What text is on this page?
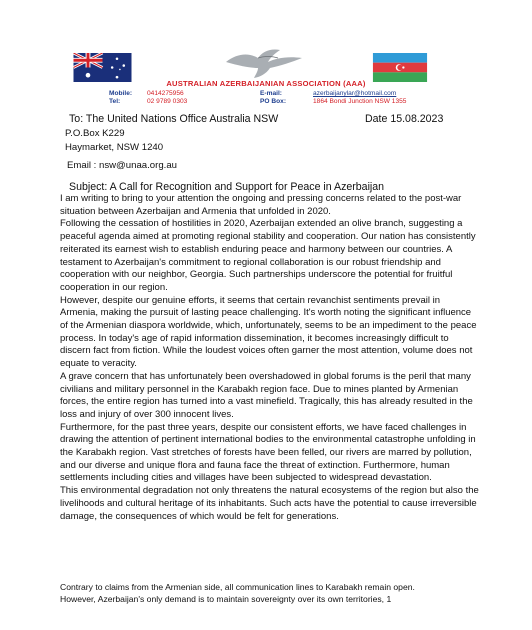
AUSTRALIAN AZERBAIJANIAN ASSOCIATION (AAA)
Mobile: 0414275956
Tel:	02 9789 0303
E-mail:	azerbaijanylar@hotmail.com
PO Box:	1864 Bondi Junction NSW 1355
To: The United Nations Office Australia NSW	Date 15.08.2023
P.O.Box K229
Haymarket, NSW 1240
Email : nsw@unaa.org.au
Subject: A Call for Recognition and Support for Peace in Azerbaijan
I am writing to bring to your attention the ongoing and pressing concerns related to the post-war situation between Azerbaijan and Armenia that unfolded in 2020.
Following the cessation of hostilities in 2020, Azerbaijan extended an olive branch, suggesting a peaceful agenda aimed at promoting regional stability and cooperation. Our nation has consistently reiterated its earnest wish to establish enduring peace and harmony between our countries. A testament to Azerbaijan's commitment to regional collaboration is our robust friendship and cooperation with our neighbor, Georgia. Such partnerships underscore the potential for fruitful cooperation in our region.
However, despite our genuine efforts, it seems that certain revanchist sentiments prevail in Armenia, making the pursuit of lasting peace challenging. It's worth noting the significant influence of the Armenian diaspora worldwide, which, unfortunately, seems to be an impediment to the peace process. In today's age of rapid information dissemination, it becomes increasingly difficult to discern fact from fiction. While the loudest voices often garner the most attention, volume does not equate to veracity.
A grave concern that has unfortunately been overshadowed in global forums is the peril that many civilians and military personnel in the Karabakh region face. Due to mines planted by Armenian forces, the entire region has turned into a vast minefield. Tragically, this has already resulted in the loss and injury of over 300 innocent lives.
Furthermore, for the past three years, despite our consistent efforts, we have faced challenges in drawing the attention of pertinent international bodies to the environmental catastrophe unfolding in the Karabakh region. Vast stretches of forests have been felled, our rivers are marred by pollution, and our diverse and unique flora and fauna face the threat of extinction. Furthermore, human settlements including cities and villages have been subjected to widespread devastation.
This environmental degradation not only threatens the natural ecosystems of the region but also the livelihoods and cultural heritage of its inhabitants. Such acts have the potential to cause irreversible damage, the consequences of which would be felt for generations.
Contrary to claims from the Armenian side, all communication lines to Karabakh remain open.
However, Azerbaijan's only demand is to maintain sovereignty over its own territories, 1
